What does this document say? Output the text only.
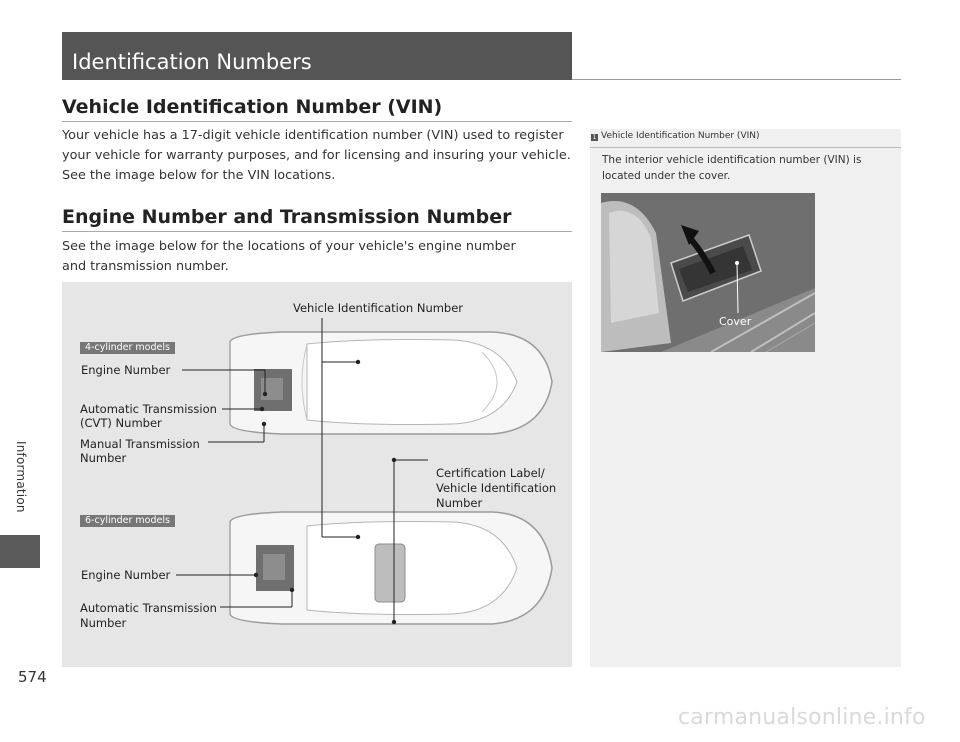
Information
574
carmanualsonline.info
Identification Numbers
Vehicle Identification Number (VIN)

Your vehicle has a 17-digit vehicle identification number (VIN) used to register your vehicle for warranty purposes, and for licensing and insuring your vehicle. See the image below for the VIN locations.

Engine Number and Transmission Number

See the image below for the locations of your vehicle's engine number and transmission number.

1 Vehicle Identification Number (VIN)

The interior vehicle identification number (VIN) is located under the cover.

Cover
Vehicle Identification Number
4-cylinder models
Engine Number
Automatic Transmission
(CVT) Number
Manual Transmission
Number
Certification Label/
Vehicle Identification
Number
6-cylinder models
Engine Number
Automatic Transmission
Number
